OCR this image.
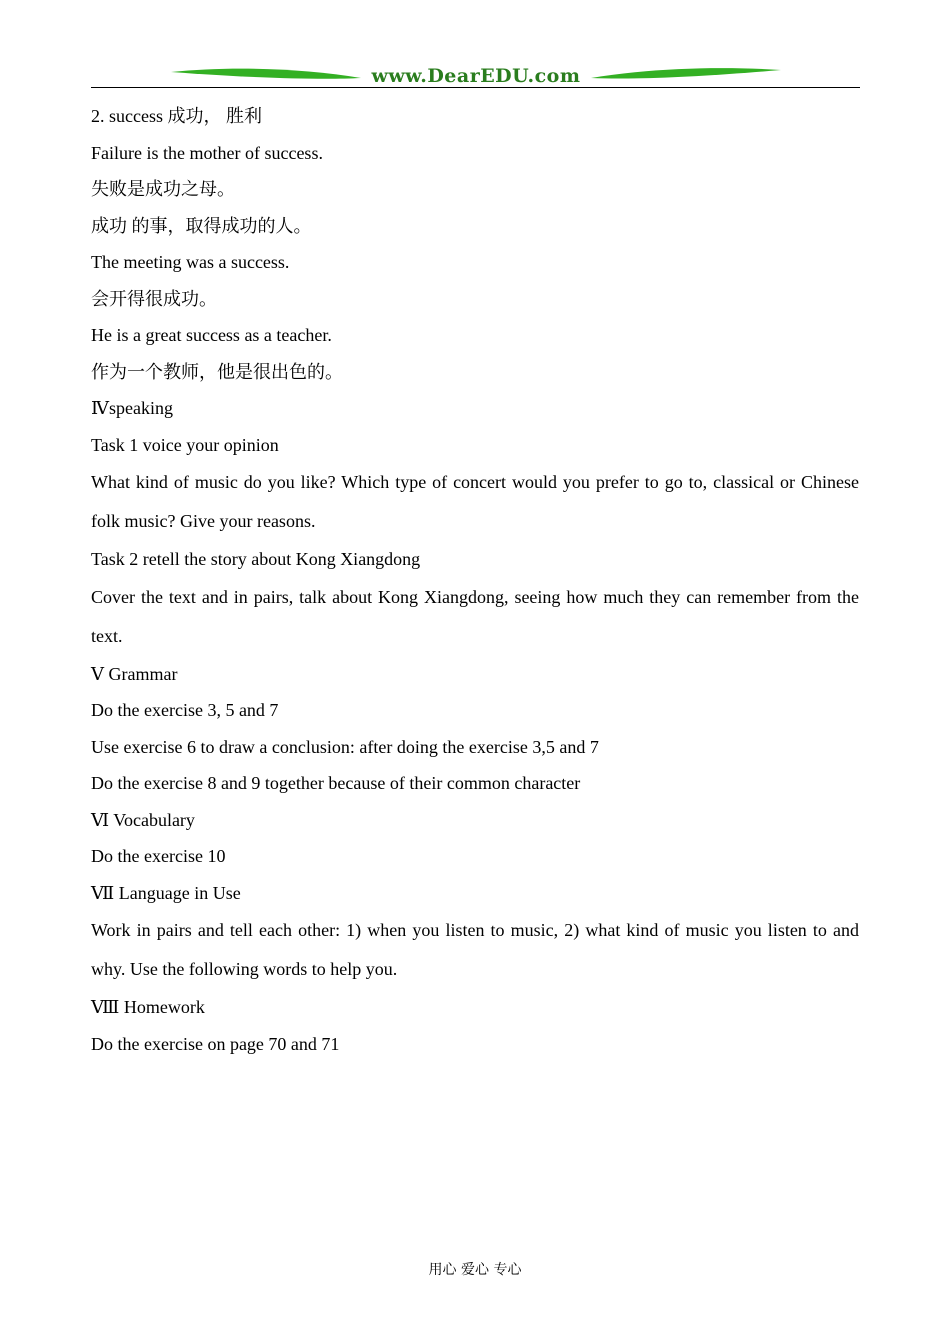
www.DearEDU.com

2. success 成功， 胜利

Failure is the mother of success.

失败是成功之母。

成功 的事，取得成功的人。

The meeting was a success.

会开得很成功。

He is a great success as a teacher.

作为一个教师，他是很出色的。

Ⅳspeaking

Task 1 voice your opinion

What kind of music do you like? Which type of concert would you prefer to go to, classical or Chinese folk music? Give your reasons.

Task 2 retell the story about Kong Xiangdong

Cover the text and in pairs, talk about Kong Xiangdong, seeing how much they can remember from the text.

Ⅴ Grammar

Do the exercise 3, 5 and 7

Use exercise 6 to draw a conclusion: after doing the exercise 3,5 and 7

Do the exercise 8 and 9 together because of their common character

Ⅵ Vocabulary

Do the exercise 10

Ⅶ Language in Use

Work in pairs and tell each other: 1) when you listen to music, 2) what kind of music you listen to and why. Use the following words to help you.

Ⅷ Homework

Do the exercise on page 70 and 71

用心 爱心 专心
